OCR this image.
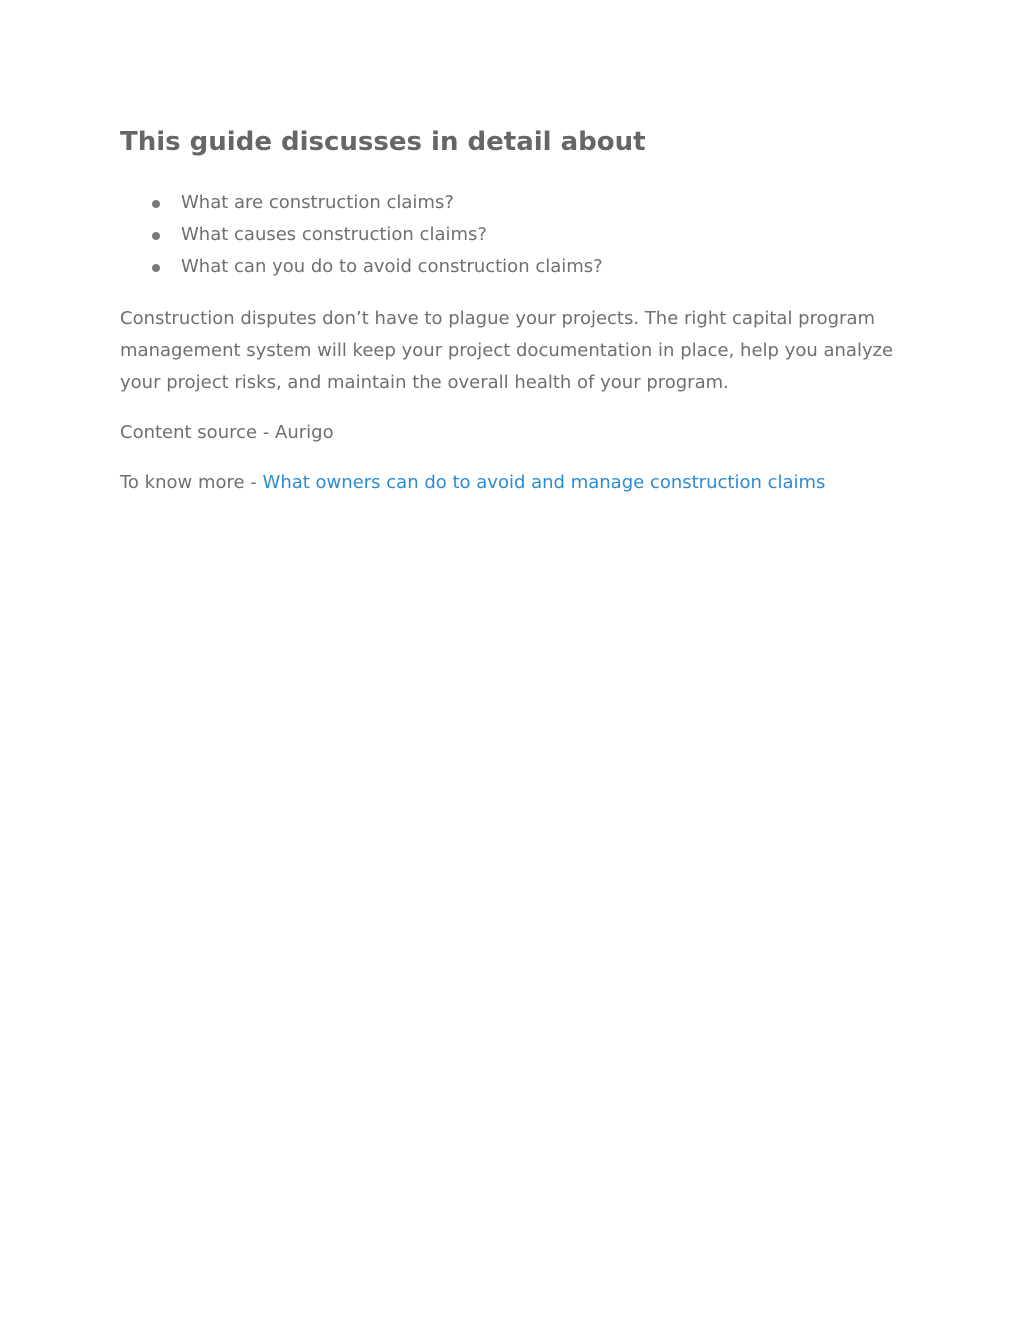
This guide discusses in detail about
What are construction claims?
What causes construction claims?
What can you do to avoid construction claims?

Construction disputes don’t have to plague your projects. The right capital program management system will keep your project documentation in place, help you analyze your project risks, and maintain the overall health of your program.

Content source - Aurigo

To know more - What owners can do to avoid and manage construction claims
